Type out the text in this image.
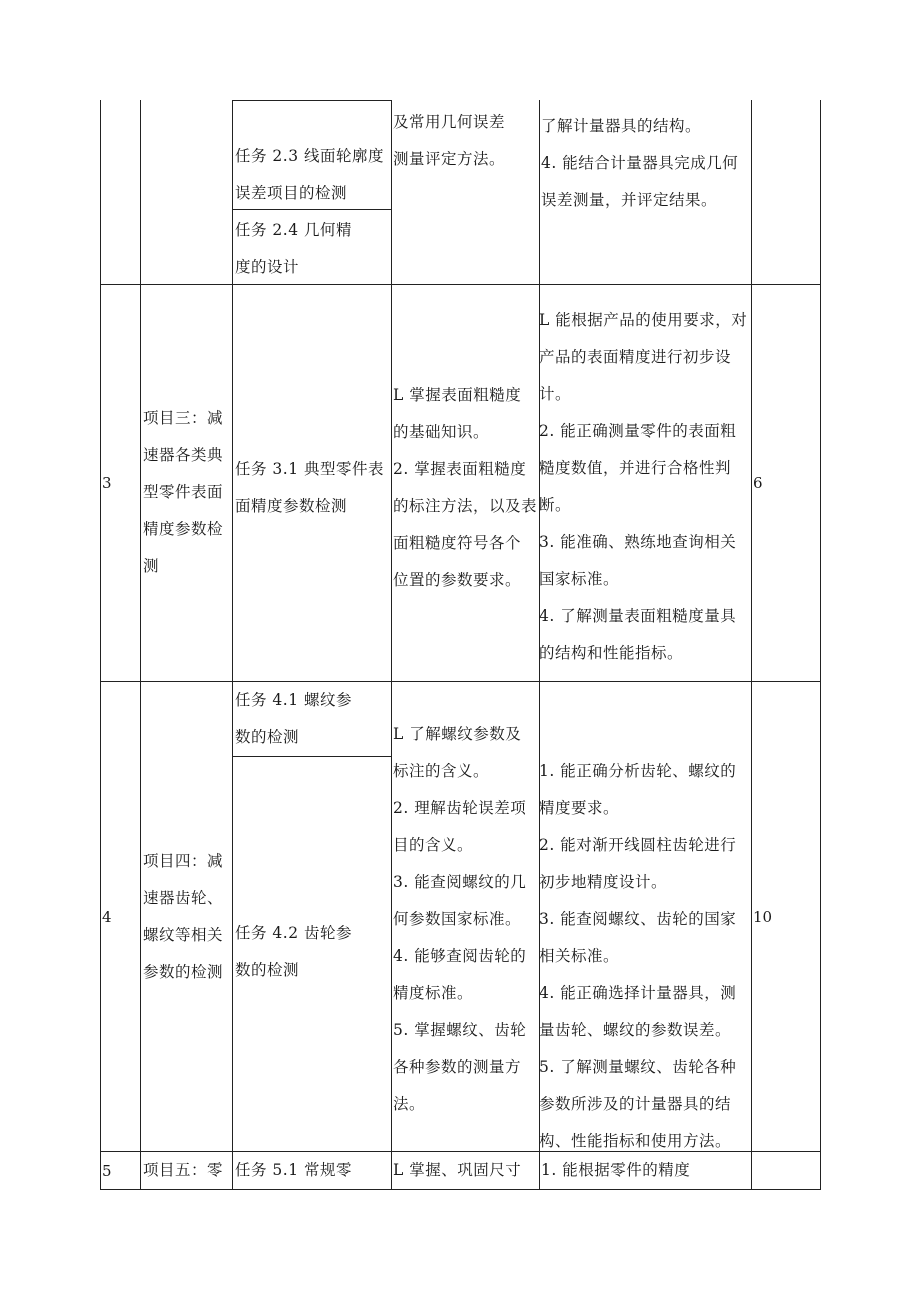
任务 2.3 线面轮廓度
误差项目的检测
任务 2.4 几何精
度的设计
及常用几何误差
测量评定方法。
了解计量器具的结构。
4. 能结合计量器具完成几何
误差测量，并评定结果。
3
项目三：减
速器各类典
型零件表面
精度参数检
测
任务 3.1 典型零件表
面精度参数检测
L 掌握表面粗糙度
的基础知识。
2. 掌握表面粗糙度
的标注方法，以及表
面粗糙度符号各个
位置的参数要求。
L 能根据产品的使用要求，对
产品的表面精度进行初步设
计。
2. 能正确测量零件的表面粗
糙度数值，并进行合格性判
断。
3. 能准确、熟练地查询相关
国家标准。
4. 了解测量表面粗糙度量具
的结构和性能指标。
6
4
项目四：减
速器齿轮、
螺纹等相关
参数的检测
任务 4.1 螺纹参
数的检测
任务 4.2 齿轮参
数的检测
L 了解螺纹参数及
标注的含义。
2. 理解齿轮误差项
目的含义。
3. 能查阅螺纹的几
何参数国家标准。
4. 能够查阅齿轮的
精度标准。
5. 掌握螺纹、齿轮
各种参数的测量方
法。
1. 能正确分析齿轮、螺纹的
精度要求。
2. 能对渐开线圆柱齿轮进行
初步地精度设计。
3. 能查阅螺纹、齿轮的国家
相关标准。
4. 能正确选择计量器具，测
量齿轮、螺纹的参数误差。
5. 了解测量螺纹、齿轮各种
参数所涉及的计量器具的结
构、性能指标和使用方法。
10
5 项目五：零 任务 5.1 常规零	L 掌握、巩固尺寸 1. 能根据零件的精度
